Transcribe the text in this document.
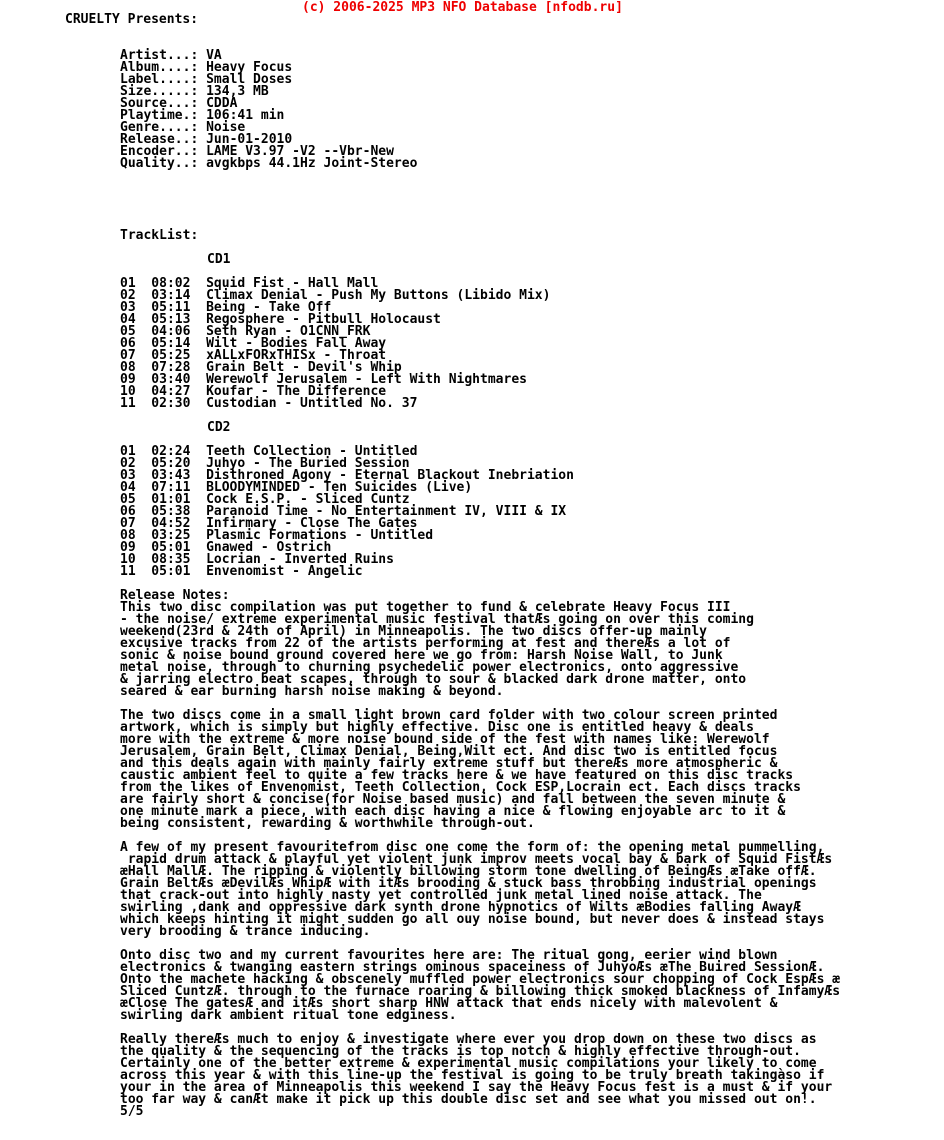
(c) 2006-2025 MP3 NFO Database [nfodb.ru]
CRUELTY Presents:
Artist...: VA
Album....: Heavy Focus
Label....: Small Doses
Size.....: 134,3 MB
Source...: CDDA
Playtime.: 106:41 min
Genre....: Noise
Release..: Jun-01-2010
Encoder..: LAME V3.97 -V2 --Vbr-New
Quality..: avgkbps 44.1Hz Joint-Stereo
TrackList:
CD1
01 08:02 Squid Fist - Hall Mall
02 03:14 Climax Denial - Push My Buttons (Libido Mix)
03 05:11 Being - Take Off
04 05:13 Regosphere - Pitbull Holocaust
05 04:06 Seth Ryan - O1CNN_FRK
06 05:14 Wilt - Bodies Fall Away
07 05:25 xALLxFORxTHISx - Throat
08 07:28 Grain Belt - Devil's Whip
09 03:40 Werewolf Jerusalem - Left With Nightmares
10 04:27 Koufar - The Difference
11 02:30 Custodian - Untitled No. 37
CD2
01 02:24 Teeth Collection - Untitled
02 05:20 Juhyo - The Buried Session
03 03:43 Disthroned Agony - Eternal Blackout Inebriation
04 07:11 BLOODYMINDED - Ten Suicides (Live)
05 01:01 Cock E.S.P. - Sliced Cuntz
06 05:38 Paranoid Time - No Entertainment IV, VIII & IX
07 04:52 Infirmary - Close The Gates
08 03:25 Plasmic Formations - Untitled
09 05:01 Gnawed - Ostrich
10 08:35 Locrian - Inverted Ruins
11 05:01 Envenomist - Angelic
Release Notes:
This two disc compilation was put together to fund & celebrate Heavy Focus III
- the noise/ extreme experimental music festival thatÆs going on over this coming
weekend(23rd & 24th of April) in Minneapolis. The two discs offer-up mainly
excusive tracks from 22 of the artists performing at fest and thereÆs a lot of
sonic & noise bound ground covered here we go from: Harsh Noise Wall, to Junk
metal noise, through to churning psychedelic power electronics, onto aggressive
& jarring electro beat scapes, through to sour & blacked dark drone matter, onto
seared & ear burning harsh noise making & beyond.
The two discs come in a small light brown card folder with two colour screen printed
artwork, which is simply but highly effective. Disc one is entitled heavy & deals
more with the extreme & more noise bound side of the fest with names like: Werewolf
Jerusalem, Grain Belt, Climax Denial, Being,Wilt ect. And disc two is entitled focus
and this deals again with mainly fairly extreme stuff but thereÆs more atmospheric &
caustic ambient feel to quite a few tracks here & we have featured on this disc tracks
from the likes of Envenomist, Teeth Collection, Cock ESP,Locrain ect. Each discs tracks
are fairly short & concise(for Noise based music) and fall between the seven minute &
one minute mark a piece, with each disc having a nice & flowing enjoyable arc to it &
being consistent, rewarding & worthwhile through-out.
A few of my present favouritefrom disc one come the form of: the opening metal pummelling,
rapid drum attack & playful yet violent junk improv meets vocal bay & bark of Squid FistÆs
æHall MallÆ. The ripping & violently billowing storm tone dwelling of BeingÆs æTake offÆ.
Grain BeltÆs æDevilÆs WhipÆ with itÆs brooding & stuck bass throbbing industrial openings
that crack-out into highly nasty yet controlled junk metal lined noise attack. The
swirling ,dank and oppressive dark synth drone hypnotics of Wilts æBodies falling AwayÆ
which keeps hinting it might sudden go all ouy noise bound, but never does & instead stays
very brooding & trance inducing.
Onto disc two and my current favourites here are: The ritual gong, eerier wind blown
electronics & twanging eastern strings ominous spaceiness of JuhyoÆs æThe Buired SessionÆ.
Onto the machete hacking & obscenely muffled power electronics sour chopping of Cock EspÆs æ
Sliced CuntzÆ. through to the furnace roaring & billowing thick smoked blackness of InfamyÆs
æClose The gatesÆ and itÆs short sharp HNW attack that ends nicely with malevolent &
swirling dark ambient ritual tone edginess.
Really thereÆs much to enjoy & investigate where ever you drop down on these two discs as
the quality & the sequencing of the tracks is top notch & highly effective through-out.
Certainly one of the better extreme & experimental music compilations your likely to come
across this year & with this line-up the festival is going to be truly breath takingàso if
your in the area of Minneapolis this weekend I say the Heavy Focus fest is a must & if your
too far way & canÆt make it pick up this double disc set and see what you missed out on!.
5/5
